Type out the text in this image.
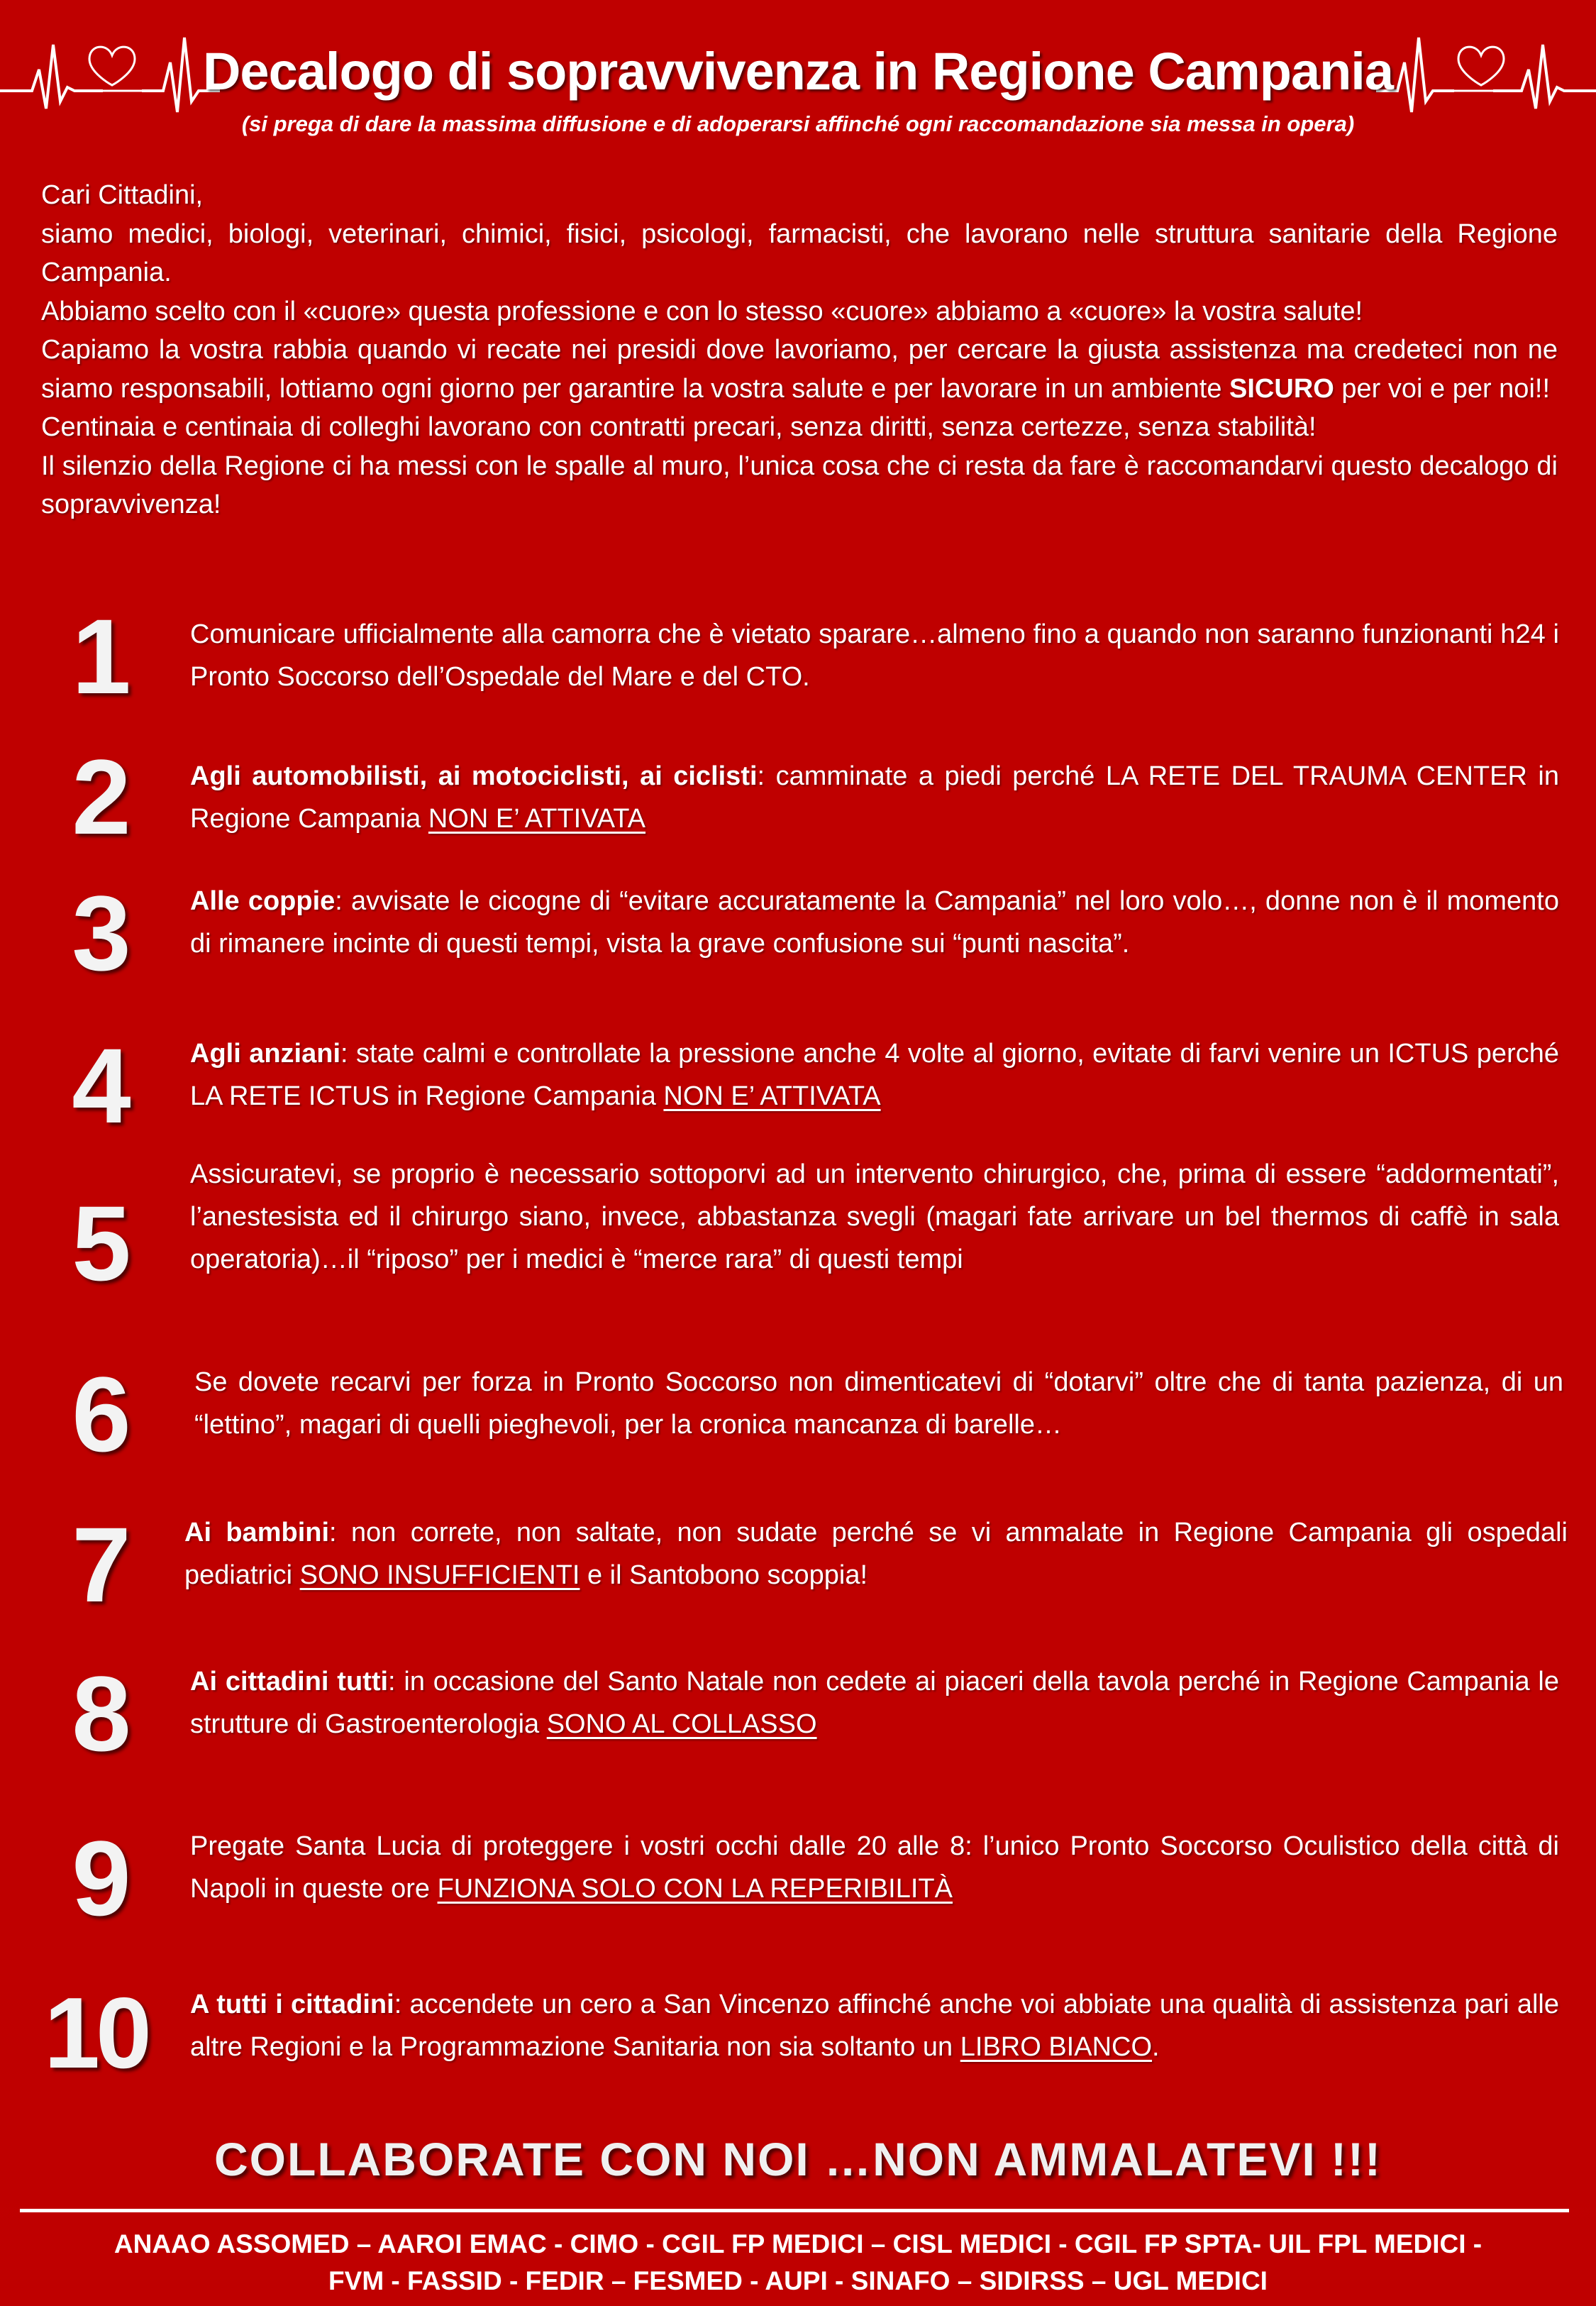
Decalogo di sopravvivenza in Regione Campania
(si prega di dare la massima diffusione e di adoperarsi affinché ogni raccomandazione sia messa in opera)

Cari Cittadini,

siamo medici, biologi, veterinari, chimici, fisici, psicologi, farmacisti, che lavorano nelle struttura sanitarie della Regione Campania.

Abbiamo scelto con il «cuore» questa professione e con lo stesso «cuore» abbiamo a «cuore» la vostra salute!

Capiamo la vostra rabbia quando vi recate nei presidi dove lavoriamo, per cercare la giusta assistenza ma credeteci non ne siamo responsabili, lottiamo ogni giorno per garantire la vostra salute e per lavorare in un ambiente SICURO per voi e per noi!!

Centinaia e centinaia di colleghi lavorano con contratti precari, senza diritti, senza certezze, senza stabilità!

Il silenzio della Regione ci ha messi con le spalle al muro, l’unica cosa che ci resta da fare è raccomandarvi questo decalogo di sopravvivenza!

1	Comunicare ufficialmente alla camorra che è vietato sparare…almeno fino a quando non saranno funzionanti h24 i Pronto Soccorso dell’Ospedale del Mare e del CTO.
2	Agli automobilisti, ai motociclisti, ai ciclisti: camminate a piedi perché LA RETE DEL TRAUMA CENTER in Regione Campania NON E’ ATTIVATA
3	Alle coppie: avvisate le cicogne di “evitare accuratamente la Campania” nel loro volo…, donne non è il momento di rimanere incinte di questi tempi, vista la grave confusione sui “punti nascita”.
4	Agli anziani: state calmi e controllate la pressione anche 4 volte al giorno, evitate di farvi venire un ICTUS perché LA RETE ICTUS in Regione Campania NON E’ ATTIVATA
5
Assicuratevi, se proprio è necessario sottoporvi ad un intervento chirurgico, che, prima di essere “addormentati”, l’anestesista ed il chirurgo siano, invece, abbastanza svegli (magari fate arrivare un bel thermos di caffè in sala operatoria)…il “riposo” per i medici è “merce rara” di questi tempi
6	Se dovete recarvi per forza in Pronto Soccorso non dimenticatevi di “dotarvi” oltre che di tanta pazienza, di un “lettino”, magari di quelli pieghevoli, per la cronica mancanza di barelle…
7	Ai bambini: non correte, non saltate, non sudate perché se vi ammalate in Regione Campania gli ospedali pediatrici SONO INSUFFICIENTI e il Santobono scoppia!
8	Ai cittadini tutti: in occasione del Santo Natale non cedete ai piaceri della tavola perché in Regione Campania le strutture di Gastroenterologia SONO AL COLLASSO
9	Pregate Santa Lucia di proteggere i vostri occhi dalle 20 alle 8: l’unico Pronto Soccorso Oculistico della città di Napoli in queste ore FUNZIONA SOLO CON LA REPERIBILITÀ
10	A tutti i cittadini: accendete un cero a San Vincenzo affinché anche voi abbiate una qualità di assistenza pari alle altre Regioni e la Programmazione Sanitaria non sia soltanto un LIBRO BIANCO.
COLLABORATE CON NOI …NON AMMALATEVI !!!
ANAAO ASSOMED – AAROI EMAC - CIMO - CGIL FP MEDICI – CISL MEDICI - CGIL FP SPTA- UIL FPL MEDICI -
FVM - FASSID - FEDIR – FESMED - AUPI - SINAFO – SIDIRSS – UGL MEDICI
